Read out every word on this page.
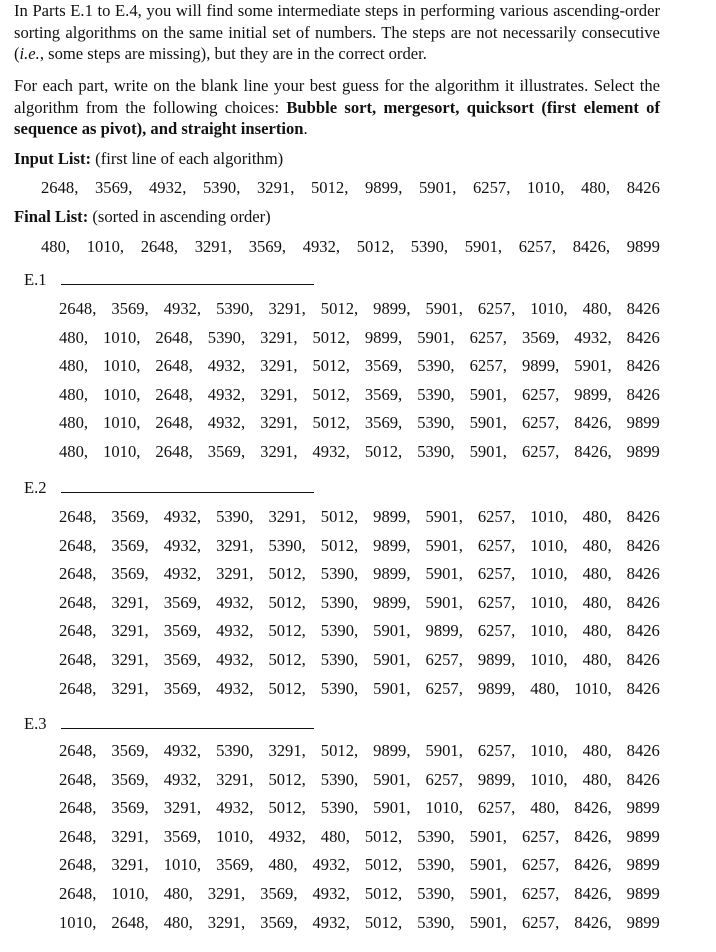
In Parts E.1 to E.4, you will find some intermediate steps in performing various ascending-order sorting algorithms on the same initial set of numbers. The steps are not necessarily consecutive (i.e., some steps are missing), but they are in the correct order.

For each part, write on the blank line your best guess for the algorithm it illustrates. Select the algorithm from the following choices: Bubble sort, mergesort, quicksort (first element of sequence as pivot), and straight insertion.

Input List: (first line of each algorithm)
2648, 3569, 4932, 5390, 3291, 5012, 9899, 5901, 6257, 1010, 480, 8426
Final List: (sorted in ascending order)
480, 1010, 2648, 3291, 3569, 4932, 5012, 5390, 5901, 6257, 8426, 9899
E.1
2648, 3569, 4932, 5390, 3291, 5012, 9899, 5901, 6257, 1010, 480, 8426
480, 1010, 2648, 5390, 3291, 5012, 9899, 5901, 6257, 3569, 4932, 8426
480, 1010, 2648, 4932, 3291, 5012, 3569, 5390, 6257, 9899, 5901, 8426
480, 1010, 2648, 4932, 3291, 5012, 3569, 5390, 5901, 6257, 9899, 8426
480, 1010, 2648, 4932, 3291, 5012, 3569, 5390, 5901, 6257, 8426, 9899
480, 1010, 2648, 3569, 3291, 4932, 5012, 5390, 5901, 6257, 8426, 9899
E.2
2648, 3569, 4932, 5390, 3291, 5012, 9899, 5901, 6257, 1010, 480, 8426
2648, 3569, 4932, 3291, 5390, 5012, 9899, 5901, 6257, 1010, 480, 8426
2648, 3569, 4932, 3291, 5012, 5390, 9899, 5901, 6257, 1010, 480, 8426
2648, 3291, 3569, 4932, 5012, 5390, 9899, 5901, 6257, 1010, 480, 8426
2648, 3291, 3569, 4932, 5012, 5390, 5901, 9899, 6257, 1010, 480, 8426
2648, 3291, 3569, 4932, 5012, 5390, 5901, 6257, 9899, 1010, 480, 8426
2648, 3291, 3569, 4932, 5012, 5390, 5901, 6257, 9899, 480, 1010, 8426
E.3
2648, 3569, 4932, 5390, 3291, 5012, 9899, 5901, 6257, 1010, 480, 8426
2648, 3569, 4932, 3291, 5012, 5390, 5901, 6257, 9899, 1010, 480, 8426
2648, 3569, 3291, 4932, 5012, 5390, 5901, 1010, 6257, 480, 8426, 9899
2648, 3291, 3569, 1010, 4932, 480, 5012, 5390, 5901, 6257, 8426, 9899
2648, 3291, 1010, 3569, 480, 4932, 5012, 5390, 5901, 6257, 8426, 9899
2648, 1010, 480, 3291, 3569, 4932, 5012, 5390, 5901, 6257, 8426, 9899
1010, 2648, 480, 3291, 3569, 4932, 5012, 5390, 5901, 6257, 8426, 9899
